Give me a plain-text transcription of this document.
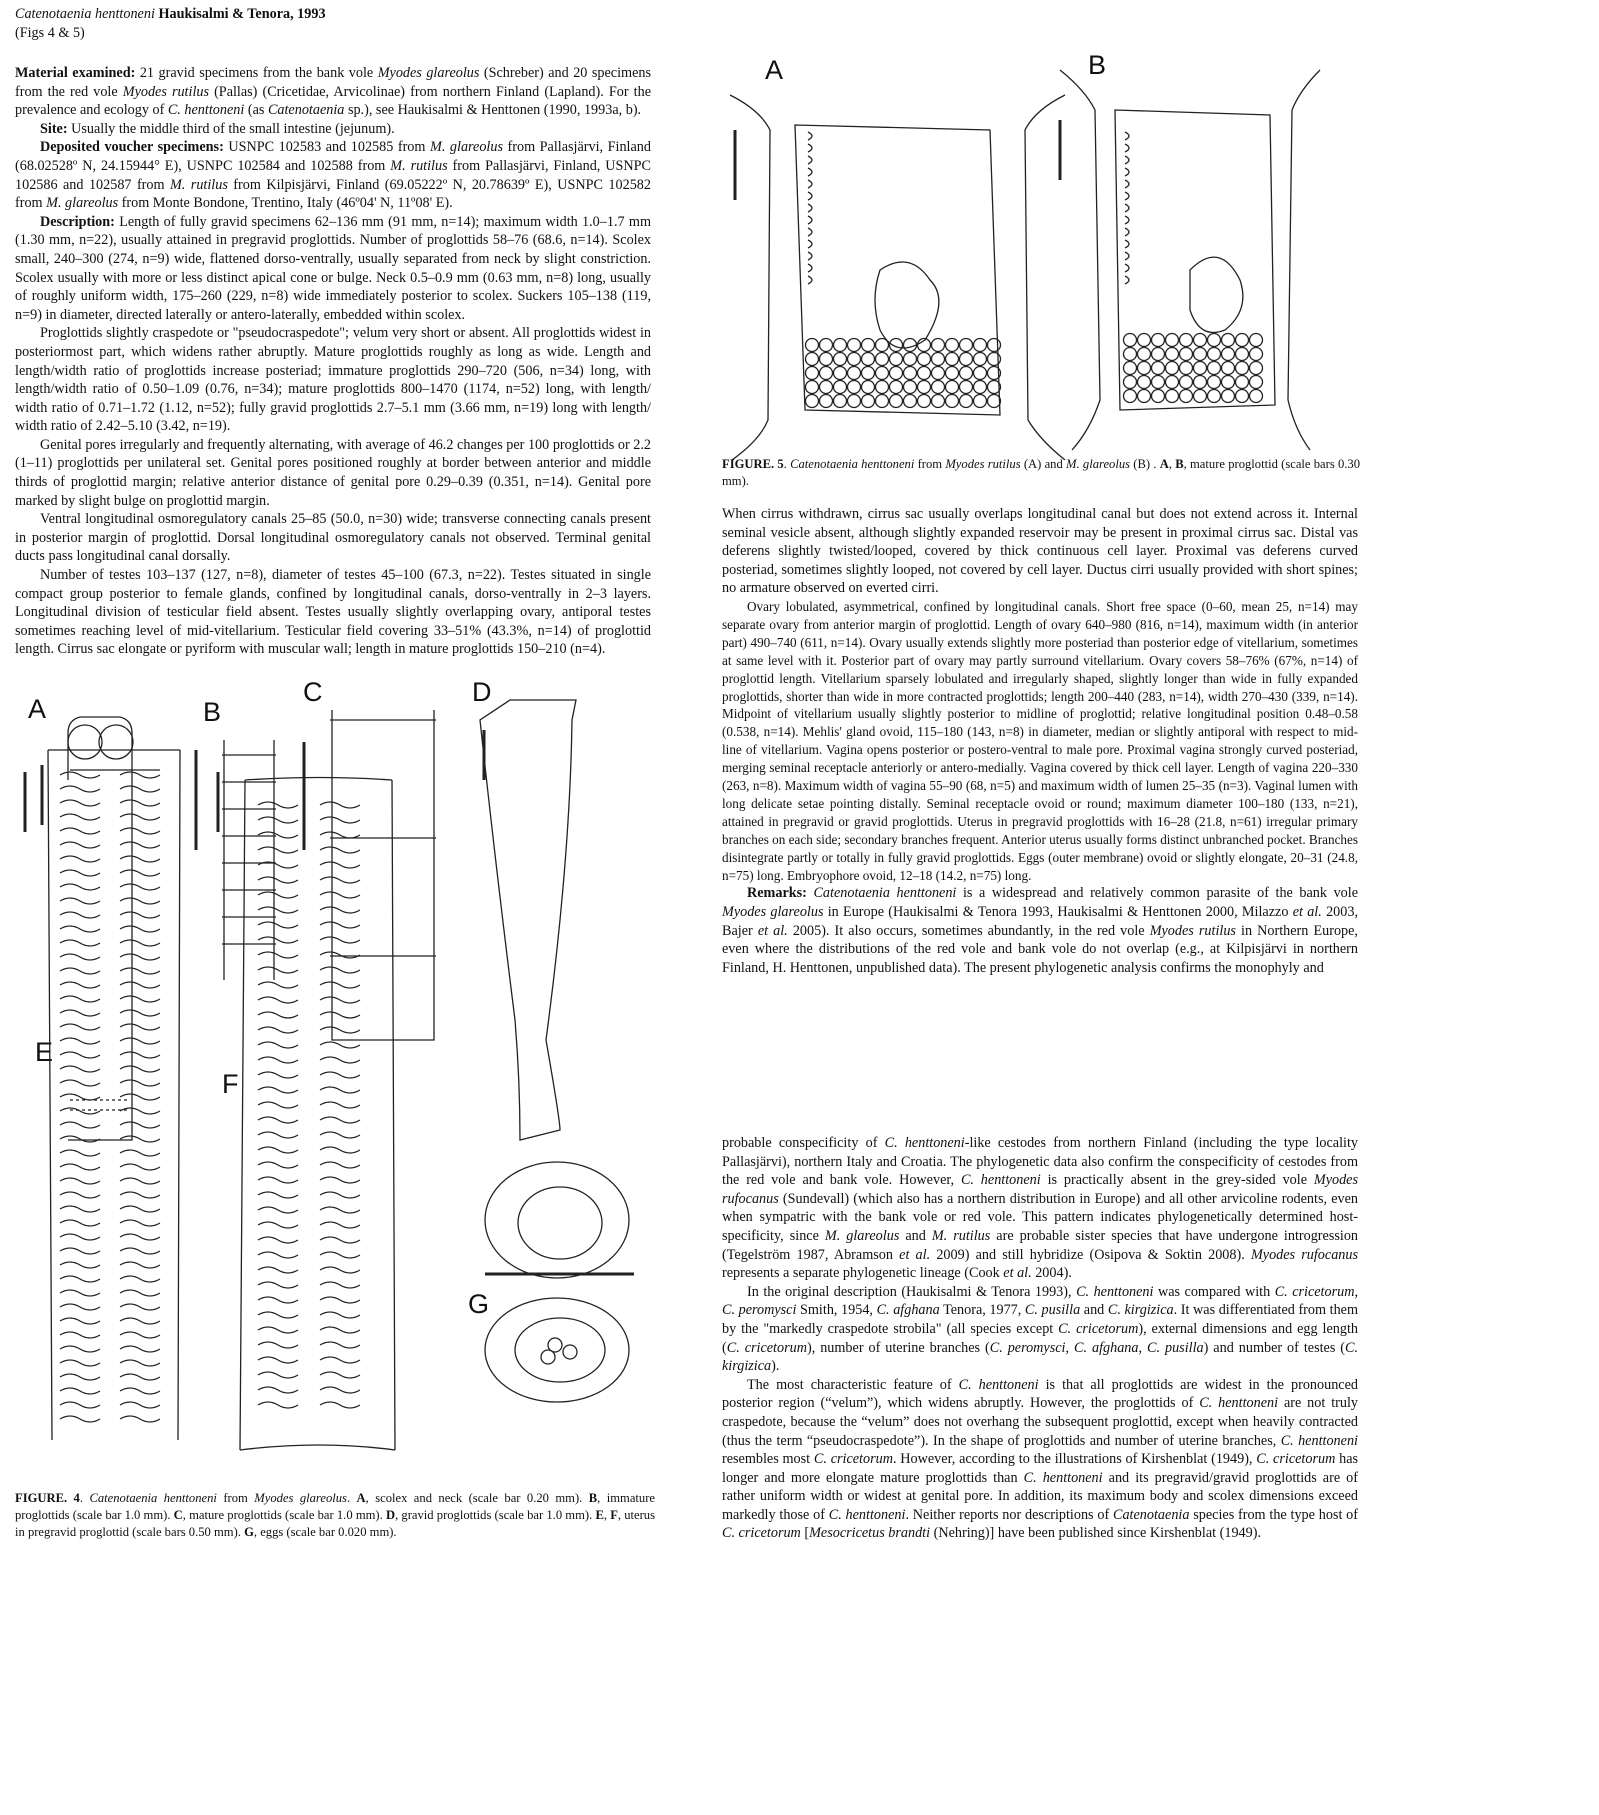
Catenotaenia henttoneni Haukisalmi & Tenora, 1993

(Figs 4 & 5)

Material examined: 21 gravid specimens from the bank vole Myodes glareolus (Schreber) and 20 specimens from the red vole Myodes rutilus (Pallas) (Cricetidae, Arvicolinae) from northern Finland (Lapland). For the prevalence and ecology of C. henttoneni (as Catenotaenia sp.), see Haukisalmi & Henttonen (1990, 1993a, b).

Site: Usually the middle third of the small intestine (jejunum).

Deposited voucher specimens: USNPC 102583 and 102585 from M. glareolus from Pallasjärvi, Finland (68.02528º N, 24.15944° E), USNPC 102584 and 102588 from M. rutilus from Pallasjärvi, Finland, USNPC 102586 and 102587 from M. rutilus from Kilpisjärvi, Finland (69.05222º N, 20.78639º E), USNPC 102582 from M. glareolus from Monte Bondone, Trentino, Italy (46º04' N, 11º08' E).

Description: Length of fully gravid specimens 62–136 mm (91 mm, n=14); maximum width 1.0–1.7 mm (1.30 mm, n=22), usually attained in pregravid proglottids. Number of proglottids 58–76 (68.6, n=14). Scolex small, 240–300 (274, n=9) wide, flattened dorso-ventrally, usually separated from neck by slight constriction. Scolex usually with more or less distinct apical cone or bulge. Neck 0.5–0.9 mm (0.63 mm, n=8) long, usually of roughly uniform width, 175–260 (229, n=8) wide immediately posterior to scolex. Suckers 105–138 (119, n=9) in diameter, directed laterally or antero-laterally, embedded within scolex.

Proglottids slightly craspedote or "pseudocraspedote"; velum very short or absent. All proglottids widest in posteriormost part, which widens rather abruptly. Mature proglottids roughly as long as wide. Length and length/width ratio of proglottids increase posteriad; immature proglottids 290–720 (506, n=34) long, with length/width ratio of 0.50–1.09 (0.76, n=34); mature proglottids 800–1470 (1174, n=52) long, with length/ width ratio of 0.71–1.72 (1.12, n=52); fully gravid proglottids 2.7–5.1 mm (3.66 mm, n=19) long with length/ width ratio of 2.42–5.10 (3.42, n=19).

Genital pores irregularly and frequently alternating, with average of 46.2 changes per 100 proglottids or 2.2 (1–11) proglottids per unilateral set. Genital pores positioned roughly at border between anterior and middle thirds of proglottid margin; relative anterior distance of genital pore 0.29–0.39 (0.351, n=14). Genital pore marked by slight bulge on proglottid margin.

Ventral longitudinal osmoregulatory canals 25–85 (50.0, n=30) wide; transverse connecting canals present in posterior margin of proglottid. Dorsal longitudinal osmoregulatory canals not observed. Terminal genital ducts pass longitudinal canal dorsally.

Number of testes 103–137 (127, n=8), diameter of testes 45–100 (67.3, n=22). Testes situated in single compact group posterior to female glands, confined by longitudinal canals, dorso-ventrally in 2–3 layers. Longitudinal division of testicular field absent. Testes usually slightly overlapping ovary, antiporal testes sometimes reaching level of mid-vitellarium. Testicular field covering 33–51% (43.3%, n=14) of proglottid length. Cirrus sac elongate or pyriform with muscular wall; length in mature proglottids 150–210 (n=4).

A	B
C	D
E
F
G
FIGURE. 4. Catenotaenia henttoneni from Myodes glareolus. A, scolex and neck (scale bar 0.20 mm). B, immature proglottids (scale bar 1.0 mm). C, mature proglottids (scale bar 1.0 mm). D, gravid proglottids (scale bar 1.0 mm). E, F, uterus in pregravid proglottid (scale bars 0.50 mm). G, eggs (scale bar 0.020 mm).
A	B
FIGURE. 5. Catenotaenia henttoneni from Myodes rutilus (A) and M. glareolus (B) . A, B, mature proglottid (scale bars 0.30 mm).

When cirrus withdrawn, cirrus sac usually overlaps longitudinal canal but does not extend across it. Internal seminal vesicle absent, although slightly expanded reservoir may be present in proximal cirrus sac. Distal vas deferens slightly twisted/looped, covered by thick continuous cell layer. Proximal vas deferens curved posteriad, sometimes slightly looped, not covered by cell layer. Ductus cirri usually provided with short spines; no armature observed on everted cirri.

Ovary lobulated, asymmetrical, confined by longitudinal canals. Short free space (0–60, mean 25, n=14) may separate ovary from anterior margin of proglottid. Length of ovary 640–980 (816, n=14), maximum width (in anterior part) 490–740 (611, n=14). Ovary usually extends slightly more posteriad than posterior edge of vitellarium, sometimes at same level with it. Posterior part of ovary may partly surround vitellarium. Ovary covers 58–76% (67%, n=14) of proglottid length. Vitellarium sparsely lobulated and irregularly shaped, slightly longer than wide in fully expanded proglottids, shorter than wide in more contracted proglottids; length 200–440 (283, n=14), width 270–430 (339, n=14). Midpoint of vitellarium usually slightly posterior to midline of proglottid; relative longitudinal position 0.48–0.58 (0.538, n=14). Mehlis' gland ovoid, 115–180 (143, n=8) in diameter, median or slightly antiporal with respect to mid-line of vitellarium. Vagina opens posterior or postero-ventral to male pore. Proximal vagina strongly curved posteriad, merging seminal receptacle anteriorly or antero-medially. Vagina covered by thick cell layer. Length of vagina 220–330 (263, n=8). Maximum width of vagina 55–90 (68, n=5) and maximum width of lumen 25–35 (n=3). Vaginal lumen with long delicate setae pointing distally. Seminal receptacle ovoid or round; maximum diameter 100–180 (133, n=21), attained in pregravid or gravid proglottids. Uterus in pregravid proglottids with 16–28 (21.8, n=61) irregular primary branches on each side; secondary branches frequent. Anterior uterus usually forms distinct unbranched pocket. Branches disintegrate partly or totally in fully gravid proglottids. Eggs (outer membrane) ovoid or slightly elongate, 20–31 (24.8, n=75) long. Embryophore ovoid, 12–18 (14.2, n=75) long.

Remarks: Catenotaenia henttoneni is a widespread and relatively common parasite of the bank vole Myodes glareolus in Europe (Haukisalmi & Tenora 1993, Haukisalmi & Henttonen 2000, Milazzo et al. 2003, Bajer et al. 2005). It also occurs, sometimes abundantly, in the red vole Myodes rutilus in Northern Europe, even where the distributions of the red vole and bank vole do not overlap (e.g., at Kilpisjärvi in northern Finland, H. Henttonen, unpublished data). The present phylogenetic analysis confirms the monophyly and

probable conspecificity of C. henttoneni-like cestodes from northern Finland (including the type locality Pallasjärvi), northern Italy and Croatia. The phylogenetic data also confirm the conspecificity of cestodes from the red vole and bank vole. However, C. henttoneni is practically absent in the grey-sided vole Myodes rufocanus (Sundevall) (which also has a northern distribution in Europe) and all other arvicoline rodents, even when sympatric with the bank vole or red vole. This pattern indicates phylogenetically determined host-specificity, since M. glareolus and M. rutilus are probable sister species that have undergone introgression (Tegelström 1987, Abramson et al. 2009) and still hybridize (Osipova & Soktin 2008). Myodes rufocanus represents a separate phylogenetic lineage (Cook et al. 2004).

In the original description (Haukisalmi & Tenora 1993), C. henttoneni was compared with C. cricetorum, C. peromysci Smith, 1954, C. afghana Tenora, 1977, C. pusilla and C. kirgizica. It was differentiated from them by the "markedly craspedote strobila" (all species except C. cricetorum), external dimensions and egg length (C. cricetorum), number of uterine branches (C. peromysci, C. afghana, C. pusilla) and number of testes (C. kirgizica).

The most characteristic feature of C. henttoneni is that all proglottids are widest in the pronounced posterior region (“velum”), which widens abruptly. However, the proglottids of C. henttoneni are not truly craspedote, because the “velum” does not overhang the subsequent proglottid, except when heavily contracted (thus the term “pseudocraspedote”). In the shape of proglottids and number of uterine branches, C. henttoneni resembles most C. cricetorum. However, according to the illustrations of Kirshenblat (1949), C. cricetorum has longer and more elongate mature proglottids than C. henttoneni and its pregravid/gravid proglottids are of rather uniform width or widest at genital pore. In addition, its maximum body and scolex dimensions exceed markedly those of C. henttoneni. Neither reports nor descriptions of Catenotaenia species from the type host of C. cricetorum [Mesocricetus brandti (Nehring)] have been published since Kirshenblat (1949).
